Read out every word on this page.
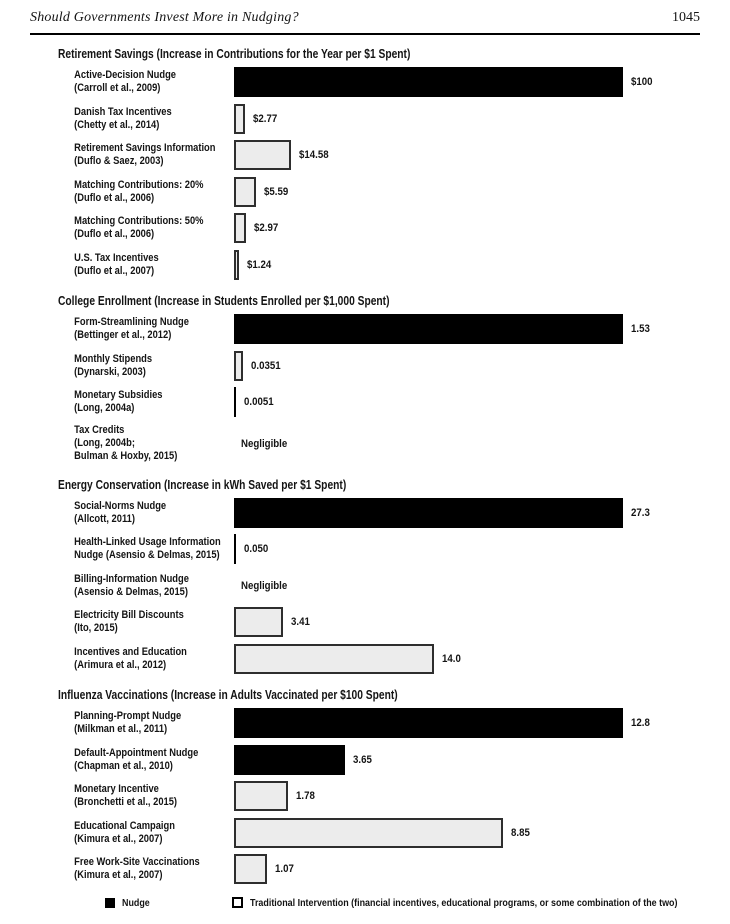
Should Governments Invest More in Nudging?	1045
Retirement Savings (Increase in Contributions for the Year per $1 Spent)
Active-Decision Nudge
(Carroll et al., 2009)	$100
Danish Tax Incentives
(Chetty et al., 2014)	$2.77
Retirement Savings Information
(Duflo & Saez, 2003)	$14.58
Matching Contributions: 20%
(Duflo et al., 2006)	$5.59
Matching Contributions: 50%
(Duflo et al., 2006)	$2.97
U.S. Tax Incentives
(Duflo et al., 2007)	$1.24
College Enrollment (Increase in Students Enrolled per $1,000 Spent)
Form-Streamlining Nudge
(Bettinger et al., 2012)	1.53
Monthly Stipends
(Dynarski, 2003)	0.0351
Monetary Subsidies
(Long, 2004a)	0.0051
Tax Credits
(Long, 2004b;
Bulman & Hoxby, 2015)
Negligible
Energy Conservation (Increase in kWh Saved per $1 Spent)
Social-Norms Nudge
(Allcott, 2011)	27.3
Health-Linked Usage Information
Nudge (Asensio & Delmas, 2015) 0.050
Billing-Information Nudge
(Asensio & Delmas, 2015)	Negligible
Electricity Bill Discounts
(Ito, 2015)	3.41
Incentives and Education
(Arimura et al., 2012)	14.0
Influenza Vaccinations (Increase in Adults Vaccinated per $100 Spent)
Planning-Prompt Nudge
(Milkman et al., 2011)	12.8
Default-Appointment Nudge
(Chapman et al., 2010)	3.65
Monetary Incentive
(Bronchetti et al., 2015)	1.78
Educational Campaign
(Kimura et al., 2007)	8.85
Free Work-Site Vaccinations
(Kimura et al., 2007)	1.07
Nudge	Traditional Intervention (financial incentives, educational programs, or some combination of the two)
